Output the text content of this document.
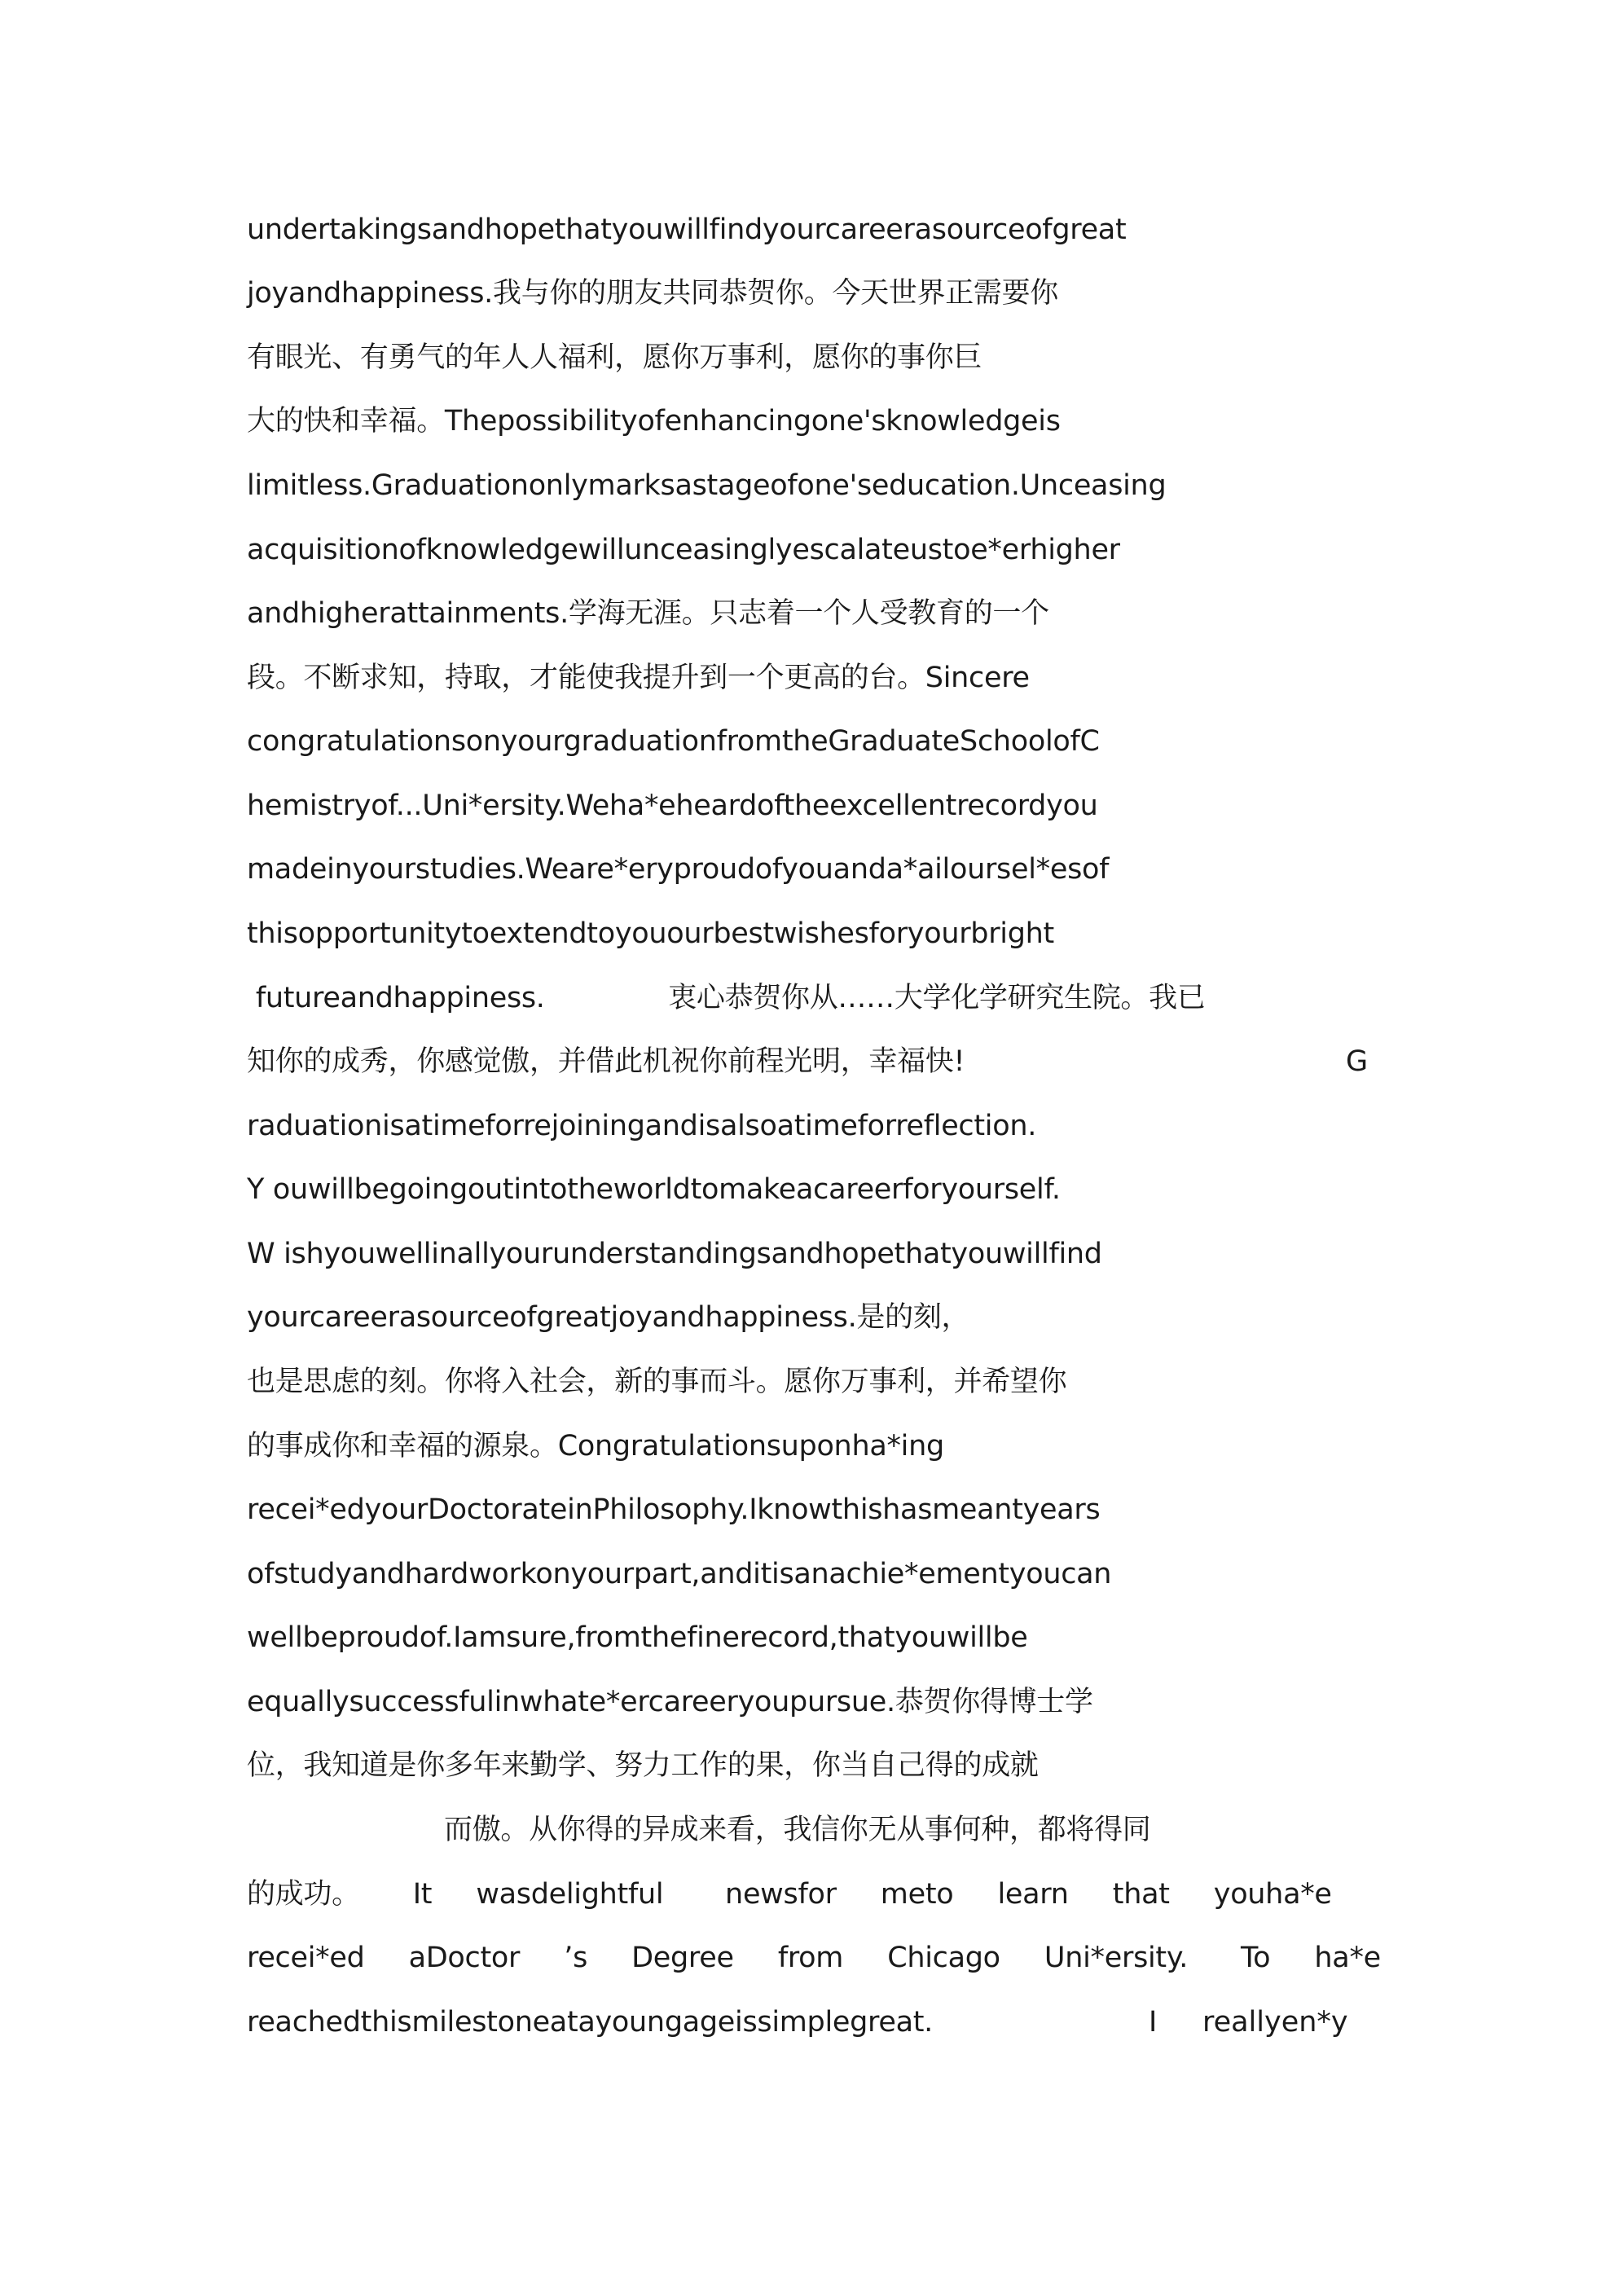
undertakingsandhopethatyouwillfindyourcareerasourceofgreat
joyandhappiness.我与你的朋友共同恭贺你。今天世界正需要你
有眼光、有勇气的年人人福利，愿你万事利，愿你的事你巨
大的快和幸福。Thepossibilityofenhancingone'sknowledgeis
limitless.Graduationonlymarksastageofone'seducation.Unceasing
acquisitionofknowledgewillunceasinglyescalateustoe*erhigher
andhigherattainments.学海无涯。只志着一个人受教育的一个
段。不断求知，持取，才能使我提升到一个更高的台。Sincere
congratulationsonyourgraduationfromtheGraduateSchoolofC
hemistryof...Uni*ersity.Weha*eheardoftheexcellentrecordyou
madeinyourstudies.Weare*eryproudofyouanda*ailoursel*esof
thisopportunitytoextendtoyouourbestwishesforyourbright
futureandhappiness.              衷心恭贺你从……大学化学研究生院。我已
知你的成秀，你感觉傲，并借此机祝你前程光明，幸福快!	G
raduationisatimeforrejoiningandisalsoatimeforreflection.
Y ouwillbegoingoutintotheworldtomakeacareerforyourself.
W ishyouwellinallyourunderstandingsandhopethatyouwillfind
yourcareerasourceofgreatjoyandhappiness.是的刻，
也是思虑的刻。你将入社会，新的事而斗。愿你万事利，并希望你
的事成你和幸福的源泉。Congratulationsuponha*ing
recei*edyourDoctorateinPhilosophy.Iknowthishasmeantyears
ofstudyandhardworkonyourpart,anditisanachie*ementyoucan
wellbeproudof.Iamsure,fromthefinerecord,thatyouwillbe
equallysuccessfulinwhate*ercareeryoupursue.恭贺你得博士学
位，我知道是你多年来勤学、努力工作的果，你当自己得的成就
而傲。从你得的异成来看，我信你无从事何种，都将得同
的成功。      It     wasdelightful       newsfor     meto     learn     that     youha*e
recei*ed     aDoctor     ’s     Degree     from     Chicago     Uni*ersity.      To     ha*e
reachedthismilestoneatayoungageissimplegreat.	I     reallyen*y
